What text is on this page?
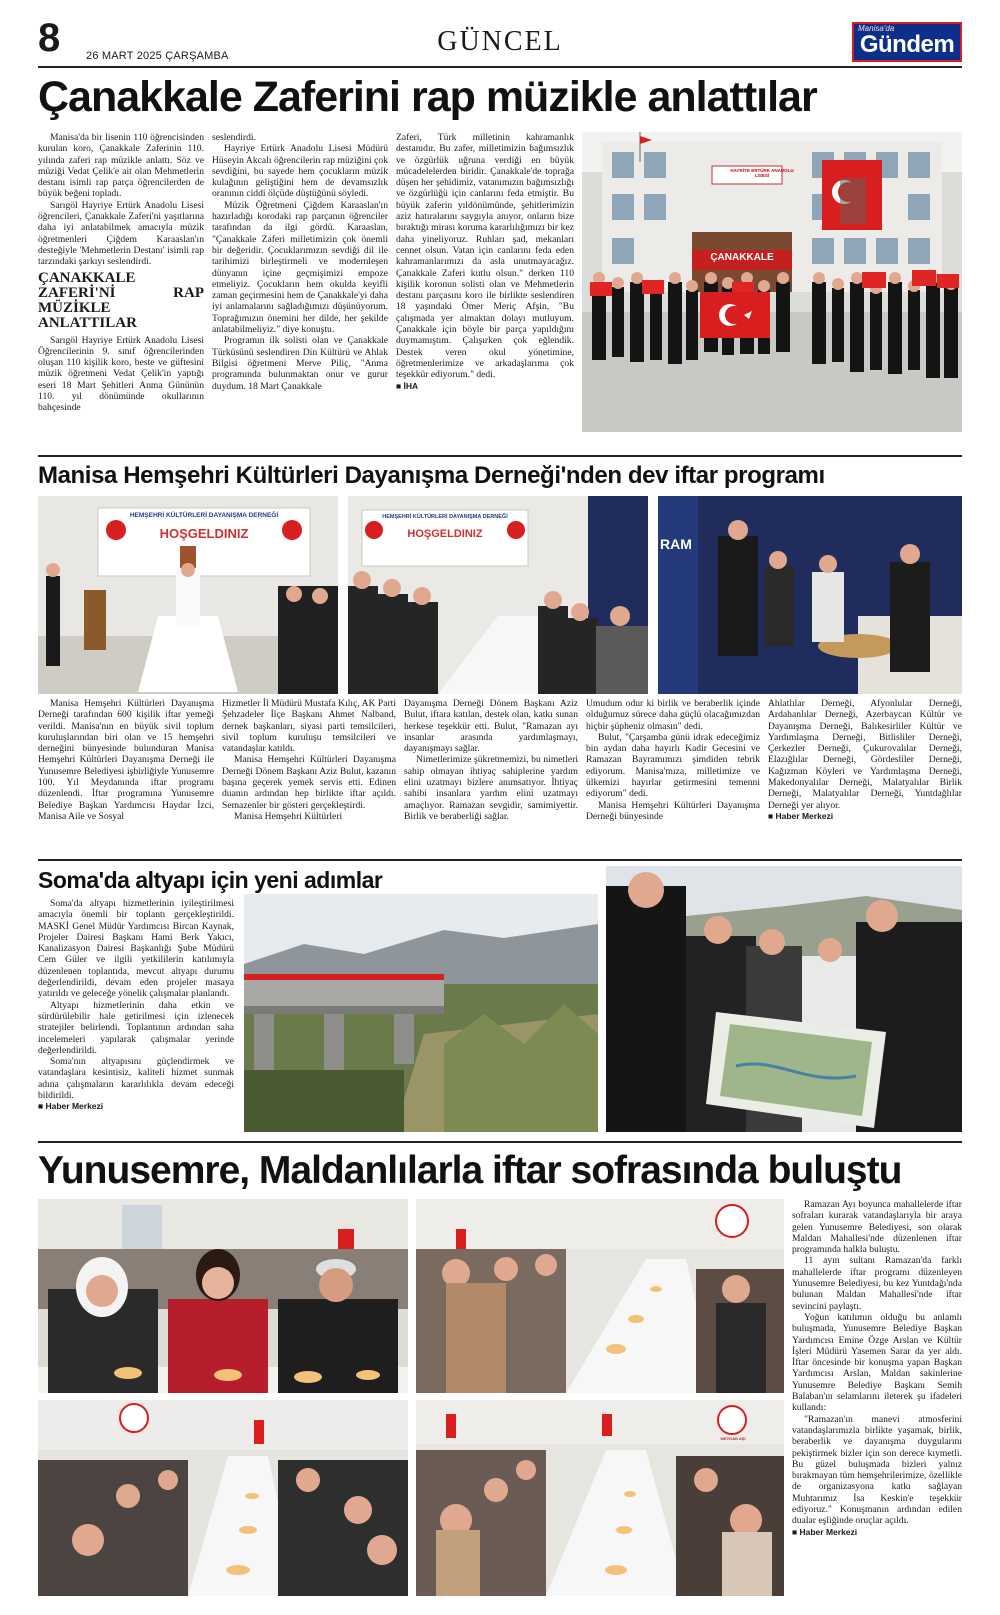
8 26 MART 2025 ÇARŞAMBA	GÜNCEL	Manisa'da
Gündem
Çanakkale Zaferini rap müzikle anlattılar

Manisa'da bir lisenin 110 öğrencisinden kurulan koro, Çanakkale Zaferinin 110. yılında zaferi rap müzikle anlattı. Söz ve müziği Vedat Çelik'e ait olan Mehmetlerin destanı isimli rap parça öğrencilerden de büyük beğeni topladı.

Sarıgöl Hayriye Ertürk Anadolu Lisesi öğrencileri, Çanakkale Zaferi'ni yaşıtlarına daha iyi anlatabilmek amacıyla müzik öğretmenleri Çiğdem Karaaslan'ın desteğiyle 'Mehmetlerin Destanı' isimli rap tarzındaki şarkıyı seslendirdi.

ÇANAKKALE ZAFERİ'Nİ RAP MÜZİKLE ANLATTILAR

Sarıgöl Hayriye Ertürk Anadolu Lisesi Öğrencilerinin 9. sınıf öğrencilerinden oluşan 110 kişilik koro, beste ve güftesini müzik öğretmeni Vedat Çelik'in yaptığı eseri 18 Mart Şehitleri Anma Gününün 110. yıl dönümünde okullarının bahçesinde

seslendirdi.

Hayriye Ertürk Anadolu Lisesi Müdürü Hüseyin Akcalı öğrencilerin rap müziğini çok sevdiğini, bu sayede hem çocukların müzik kulağının geliştiğini hem de devamsızlık oranının ciddi ölçüde düştüğünü söyledi.

Müzik Öğretmeni Çiğdem Karaaslan'ın hazırladığı korodaki rap parçanın öğrenciler tarafından da ilgi gördü. Karaaslan, "Çanakkale Zaferi milletimizin çok önemli bir değeridir. Çocuklarımızın sevdiği dil ile tarihimizi birleştirmeli ve modernleşen dünyanın içine geçmişimizi empoze etmeliyiz. Çocukların hem okulda keyifli zaman geçirmesini hem de Çanakkale'yi daha iyi anlamalarını sağladığımızı düşünüyorum. Toprağımızın önemini her dilde, her şekilde anlatabilmeliyiz." diye konuştu.

Programın ilk solisti olan ve Çanakkale Türküsünü seslendiren Din Kültürü ve Ahlak Bilgisi öğretmeni Merve Piliç, "Anma programında bulunmaktan onur ve gurur duydum. 18 Mart Çanakkale

Zaferi, Türk milletinin kahramanlık destanıdır. Bu zafer, milletimizin bağımsızlık ve özgürlük uğruna verdiği en büyük mücadelelerden biridir. Çanakkale'de toprağa düşen her şehidimiz, vatanımızın bağımsızlığı ve özgürlüğü için canlarını feda etmiştir. Bu büyük zaferin yıldönümünde, şehitlerimizin aziz hatıralarını saygıyla anıyor, onların bize bıraktığı mirası koruma kararlılığımızı bir kez daha yineliyoruz. Ruhları şad, mekanları cennet olsun. Vatan için canlarını feda eden kahramanlarımızı da asla unutmayacağız. Çanakkale Zaferi kutlu olsun." derken 110 kişilik koronun solisti olan ve Mehmetlerin destanı parçasını koro ile birlikte seslendiren 18 yaşındaki Ömer Meriç Afşin, "Bu çalışmada yer almaktan dolayı mutluyum. Çanakkale için böyle bir parça yapıldığını duymamıştım. Çalışırken çok eğlendik. Destek veren okul yönetimine, öğretmenlerimize ve arkadaşlarıma çok teşekkür ediyorum." dedi.

■ İHA
HAYRİYE ERTÜRK ANADOLU LİSESİ
ÇANAKKALE
Manisa Hemşehri Kültürleri Dayanışma Derneği'nden dev iftar programı
HEMŞEHRİ KÜLTÜRLERİ DAYANIŞMA DERNEĞİ
HOŞGELDINIZ
HEMŞEHRİ KÜLTÜRLERİ DAYANIŞMA DERNEĞİ
HOŞGELDINIZ
RAM

Manisa Hemşehri Kültürleri Dayanışma Derneği tarafından 600 kişilik iftar yemeği verildi. Manisa'nın en büyük sivil toplum kuruluşlarından biri olan ve 15 hemşehri derneğini bünyesinde bulunduran Manisa Hemşehri Kültürleri Dayanışma Derneği ile Yunusemre Belediyesi işbirliğiyle Yunusemre 100. Yıl Meydanında iftar programı düzenlendi. İftar programına Yunusemre Belediye Başkan Yardımcısı Haydar İzci, Manisa Aile ve Sosyal

Hizmetler İl Müdürü Mustafa Kılıç, AK Parti Şehzadeler İlçe Başkanı Ahmet Nalband, dernek başkanları, siyasi parti temsilcileri, sivil toplum kuruluşu temsilcileri ve vatandaşlar katıldı.

Manisa Hemşehri Kültürleri Dayanışma Derneği Dönem Başkanı Aziz Bulut, kazanın başına geçerek yemek servis etti. Edinen duanın ardından hep birlikte iftar açıldı. Semazenler bir gösteri gerçekleştirdi.

Manisa Hemşehri Kültürleri

Dayanışma Derneği Dönem Başkanı Aziz Bulut, iftara katılan, destek olan, katkı sunan herkese teşekkür etti. Bulut, "Ramazan ayı insanlar arasında yardımlaşmayı, dayanışmayı sağlar.

Nimetlerimize şükretmemizi, bu nimetleri sahip olmayan ihtiyaç sahiplerine yardım elini uzatmayı bizlere anımsatıyor. İhtiyaç sahibi insanlara yardım elini uzatmayı amaçlıyor. Ramazan sevgidir, samimiyettir. Birlik ve beraberliği sağlar.

Umudum odur ki birlik ve beraberlik içinde olduğumuz sürece daha güçlü olacağımızdan hiçbir şüpheniz olmasın" dedi.

Bulut, "Çarşamba günü idrak edeceğimiz bin aydan daha hayırlı Kadir Gecesini ve Ramazan Bayramımızı şimdiden tebrik ediyorum. Manisa'mıza, milletimize ve ülkemizi hayırlar getirmesini temenni ediyorum" dedi.

Manisa Hemşehri Kültürleri Dayanışma Derneği bünyesinde

Ahlatlılar Derneği, Afyonlular Derneği, Ardahanlılar Derneği, Azerbaycan Kültür ve Dayanışma Derneği, Balıkesirliler Kültür ve Yardımlaşma Derneği, Bitlisliler Derneği, Çerkezler Derneği, Çukurovalılar Derneği, Elazığlılar Derneği, Gördesliler Derneği, Kağızman Köyleri ve Yardımlaşma Derneği, Makedonyalılar Derneği, Malatyalılar Birlik Derneği, Malatyalılar Derneği, Yuntdağlılar Derneği yer alıyor.

■ Haber Merkezi
Soma'da altyapı için yeni adımlar

Soma'da altyapı hizmetlerinin iyileştirilmesi amacıyla önemli bir toplantı gerçekleştirildi. MASKİ Genel Müdür Yardımcısı Bircan Kaynak, Projeler Dairesi Başkanı Hami Berk Yakıcı, Kanalizasyon Dairesi Başkanlığı Şube Müdürü Cem Güler ve ilgili yetkililerin katılımıyla düzenlenen toplantıda, mevcut altyapı durumu değerlendirildi, devam eden projeler masaya yatırıldı ve geleceğe yönelik çalışmalar planlandı.

Altyapı hizmetlerinin daha etkin ve sürdürülebilir hale getirilmesi için izlenecek stratejiler belirlendi. Toplantının ardından saha incelemeleri yapılarak çalışmalar yerinde değerlendirildi.

Soma'nın altyapısını güçlendirmek ve vatandaşlara kesintisiz, kaliteli hizmet sunmak adına çalışmaların kararlılıkla devam edeceği bildirildi.

■ Haber Merkezi
Yunusemre, Maldanlılarla iftar sofrasında buluştu
MEYDAN AŞI

Ramazan Ayı boyunca mahallelerde iftar sofraları kurarak vatandaşlarıyla bir araya gelen Yunusemre Belediyesi, son olarak Maldan Mahallesi'nde düzenlenen iftar programında halkla buluştu.

11 ayın sultanı Ramazan'da farklı mahallelerde iftar programı düzenleyen Yunusemre Belediyesi, bu kez Yuntdağı'nda bulunan Maldan Mahallesi'nde iftar sevincini paylaştı.

Yoğun katılımın olduğu bu anlamlı buluşmada, Yunusemre Belediye Başkan Yardımcısı Emine Özge Arslan ve Kültür İşleri Müdürü Yasemen Sarar da yer aldı. İftar öncesinde bir konuşma yapan Başkan Yardımcısı Arslan, Maldan sakinlerine Yunusemre Belediye Başkanı Semih Balaban'ın selamlarını ileterek şu ifadeleri kullandı:

"Ramazan'ın manevi atmosferini vatandaşlarımızla birlikte yaşamak, birlik, beraberlik ve dayanışma duygularını pekiştirmek bizler için son derece kıymetli. Bu güzel buluşmada bizleri yalnız bırakmayan tüm hemşehrilerimize, özellikle de organizasyona katkı sağlayan Muhtarımız İsa Keskin'e teşekkür ediyoruz." Konuşmanın ardından edilen dualar eşliğinde oruçlar açıldı.

■ Haber Merkezi
